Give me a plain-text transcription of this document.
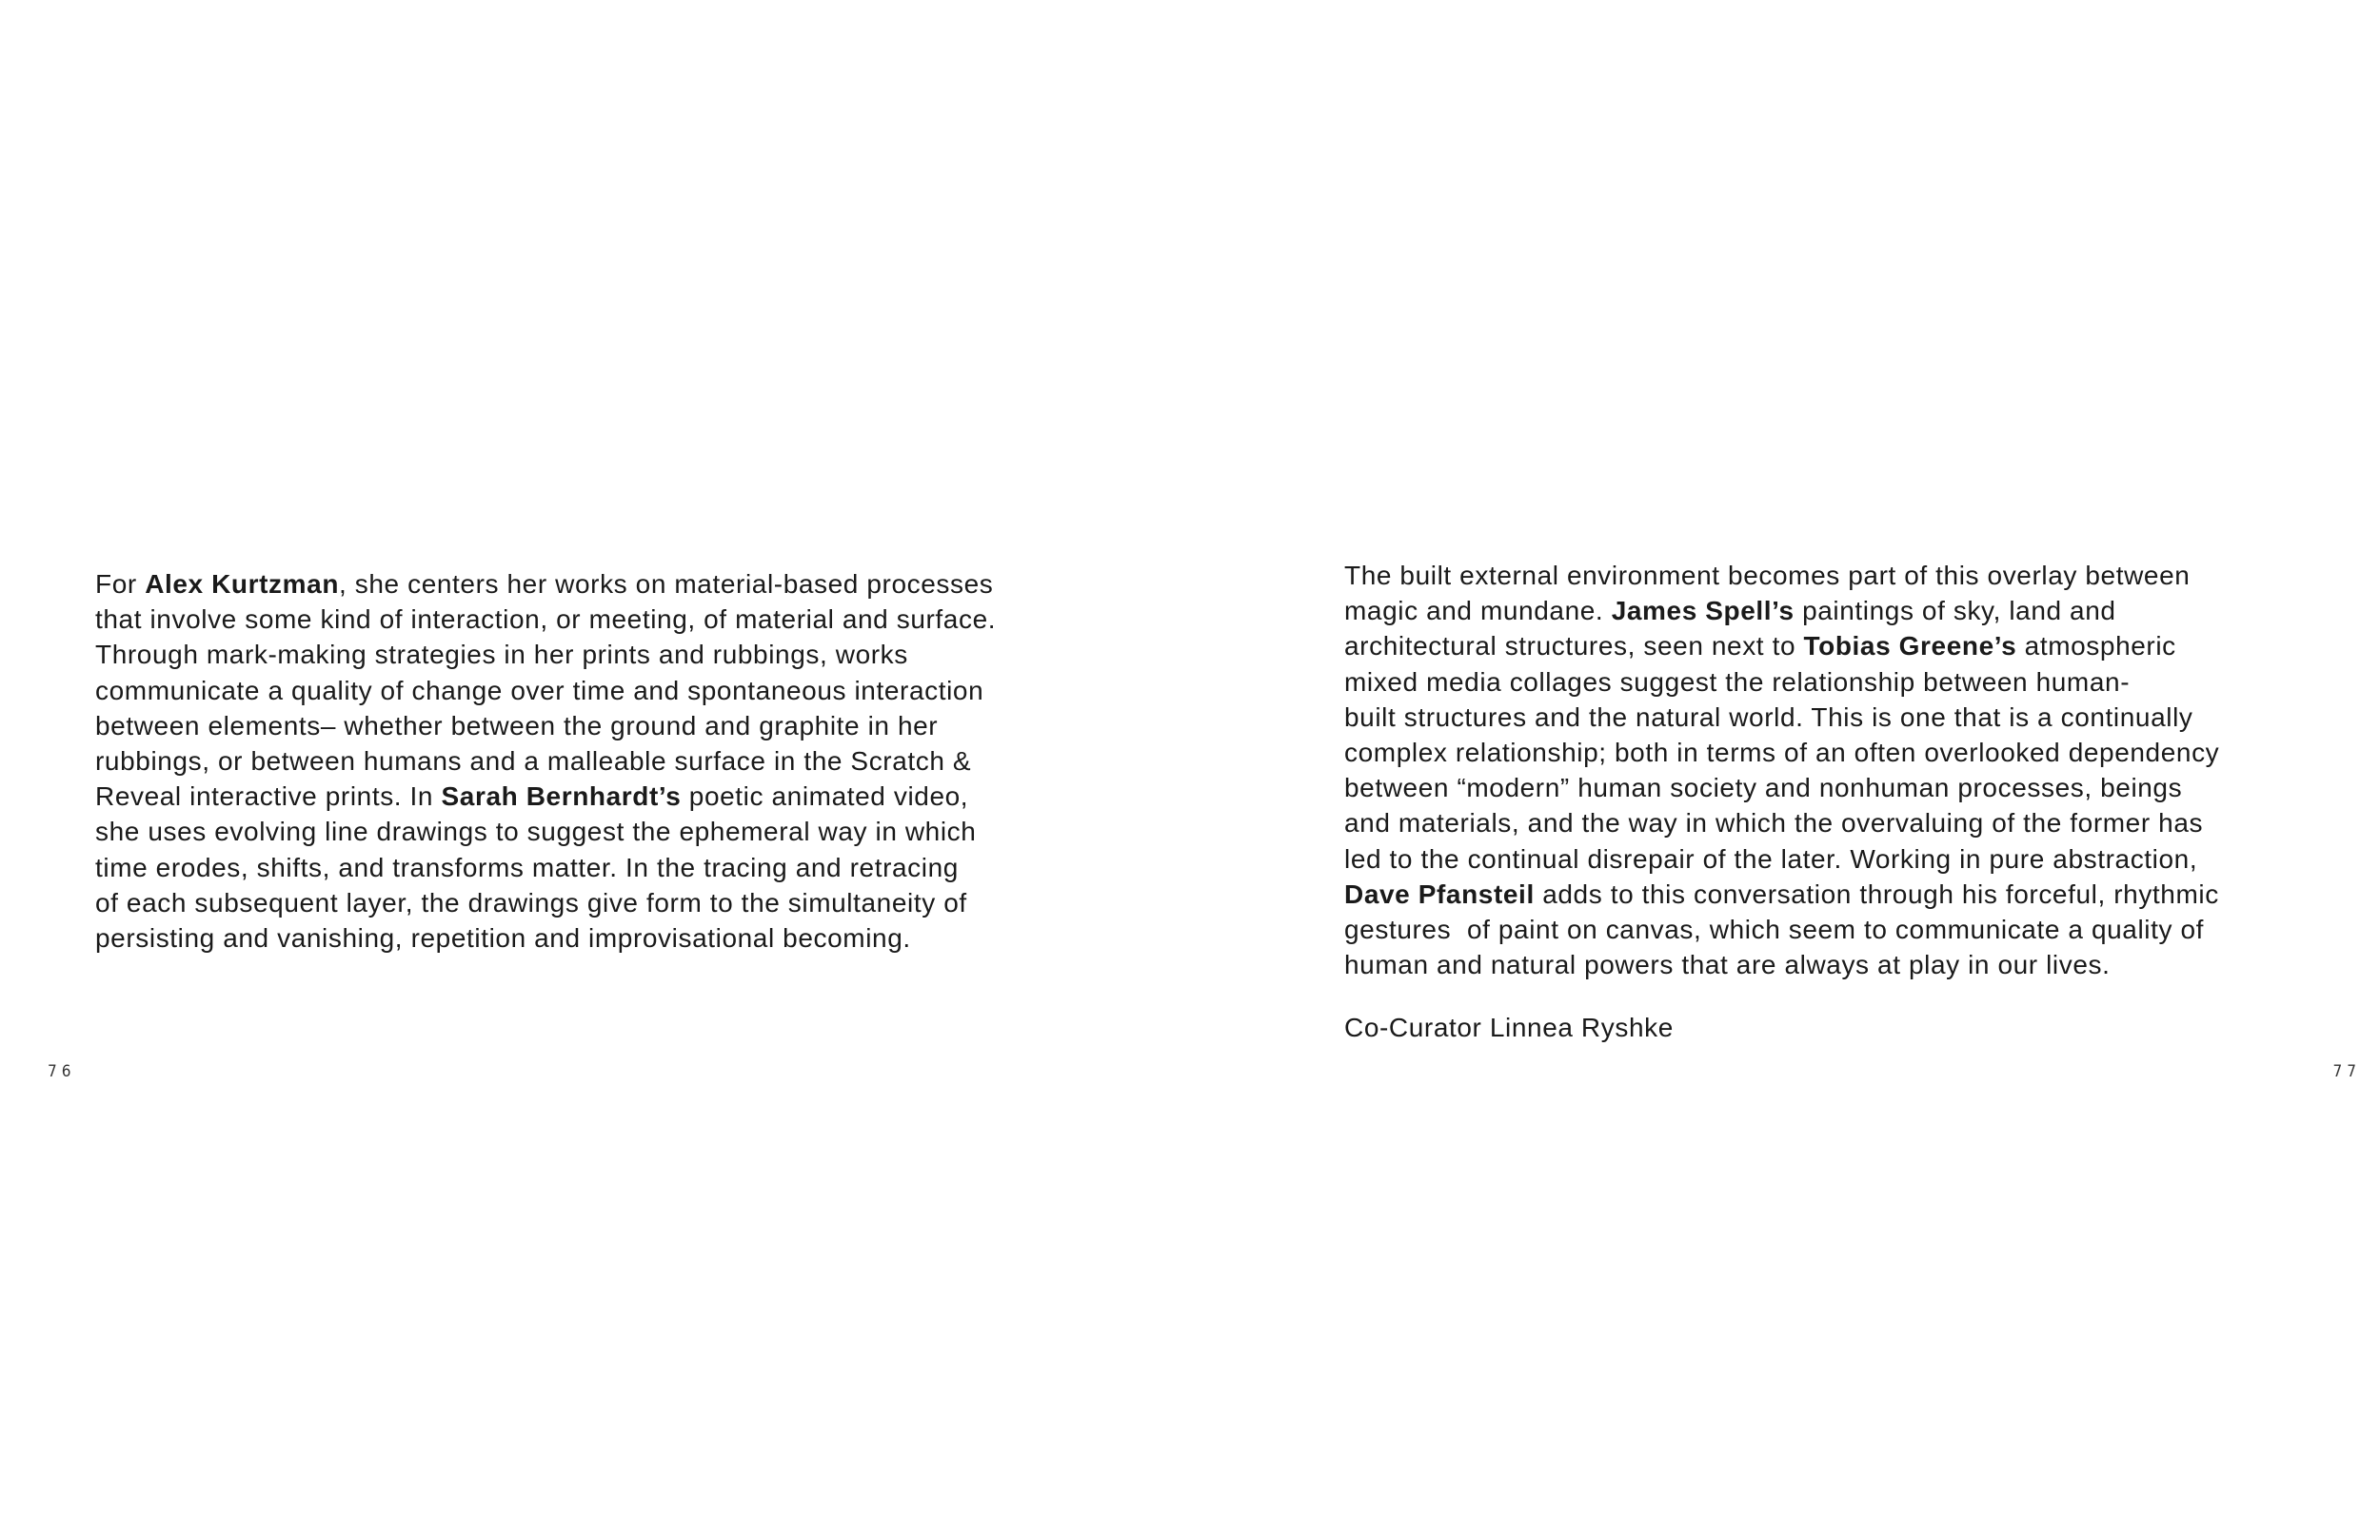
For Alex Kurtzman, she centers her works on material-based processes
that involve some kind of interaction, or meeting, of material and surface.
Through mark-making strategies in her prints and rubbings, works
communicate a quality of change over time and spontaneous interaction
between elements– whether between the ground and graphite in her
rubbings, or between humans and a malleable surface in the Scratch &
Reveal interactive prints. In Sarah Bernhardt’s poetic animated video,
she uses evolving line drawings to suggest the ephemeral way in which
time erodes, shifts, and transforms matter. In the tracing and retracing
of each subsequent layer, the drawings give form to the simultaneity of
persisting and vanishing, repetition and improvisational becoming.

76

The built external environment becomes part of this overlay between
magic and mundane. James Spell’s paintings of sky, land and
architectural structures, seen next to Tobias Greene’s atmospheric
mixed media collages suggest the relationship between human-
built structures and the natural world. This is one that is a continually
complex relationship; both in terms of an often overlooked dependency
between “modern” human society and nonhuman processes, beings
and materials, and the way in which the overvaluing of the former has
led to the continual disrepair of the later. Working in pure abstraction,
Dave Pfansteil adds to this conversation through his forceful, rhythmic
gestures  of paint on canvas, which seem to communicate a quality of
human and natural powers that are always at play in our lives.

Co-Curator Linnea Ryshke

77
